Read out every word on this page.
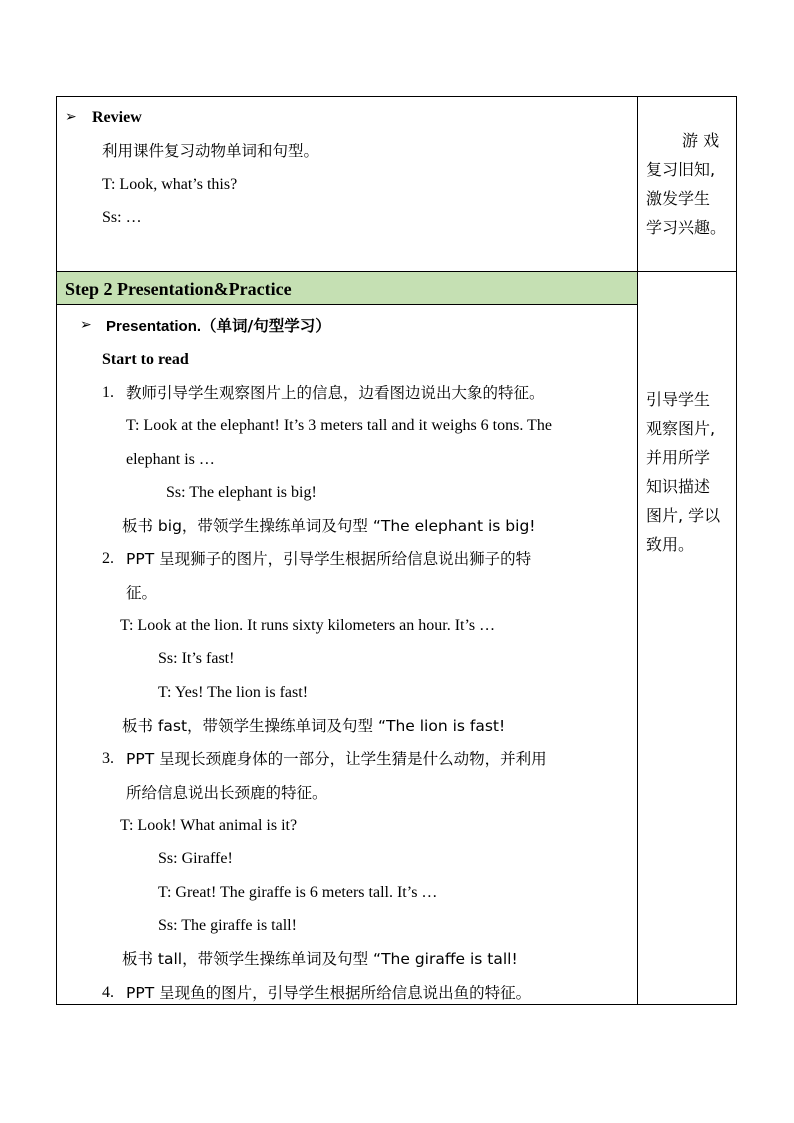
➢ Review
利用课件复习动物单词和句型。
T: Look, what’s this?
Ss: …
游 戏
复习旧知,
激发学生
学习兴趣。
Step 2 Presentation&Practice
➢ Presentation.（单词/句型学习）
Start to read
1. 教师引导学生观察图片上的信息，边看图边说出大象的特征。
T: Look at the elephant! It’s 3 meters tall and it weighs 6 tons. The
elephant is …
Ss: The elephant is big!
板书 big，带领学生操练单词及句型 “The elephant is big!
2. PPT 呈现狮子的图片，引导学生根据所给信息说出狮子的特
征。
T: Look at the lion. It runs sixty kilometers an hour. It’s …
Ss: It’s fast!
T: Yes! The lion is fast!
板书 fast，带领学生操练单词及句型 “The lion is fast!
3. PPT 呈现长颈鹿身体的一部分，让学生猜是什么动物，并利用
所给信息说出长颈鹿的特征。
T: Look! What animal is it?
Ss: Giraffe!
T: Great! The giraffe is 6 meters tall. It’s …
Ss: The giraffe is tall!
板书 tall，带领学生操练单词及句型 “The giraffe is tall!
4. PPT 呈现鱼的图片，引导学生根据所给信息说出鱼的特征。
引导学生
观察图片,
并用所学
知识描述
图片, 学以
致用。
